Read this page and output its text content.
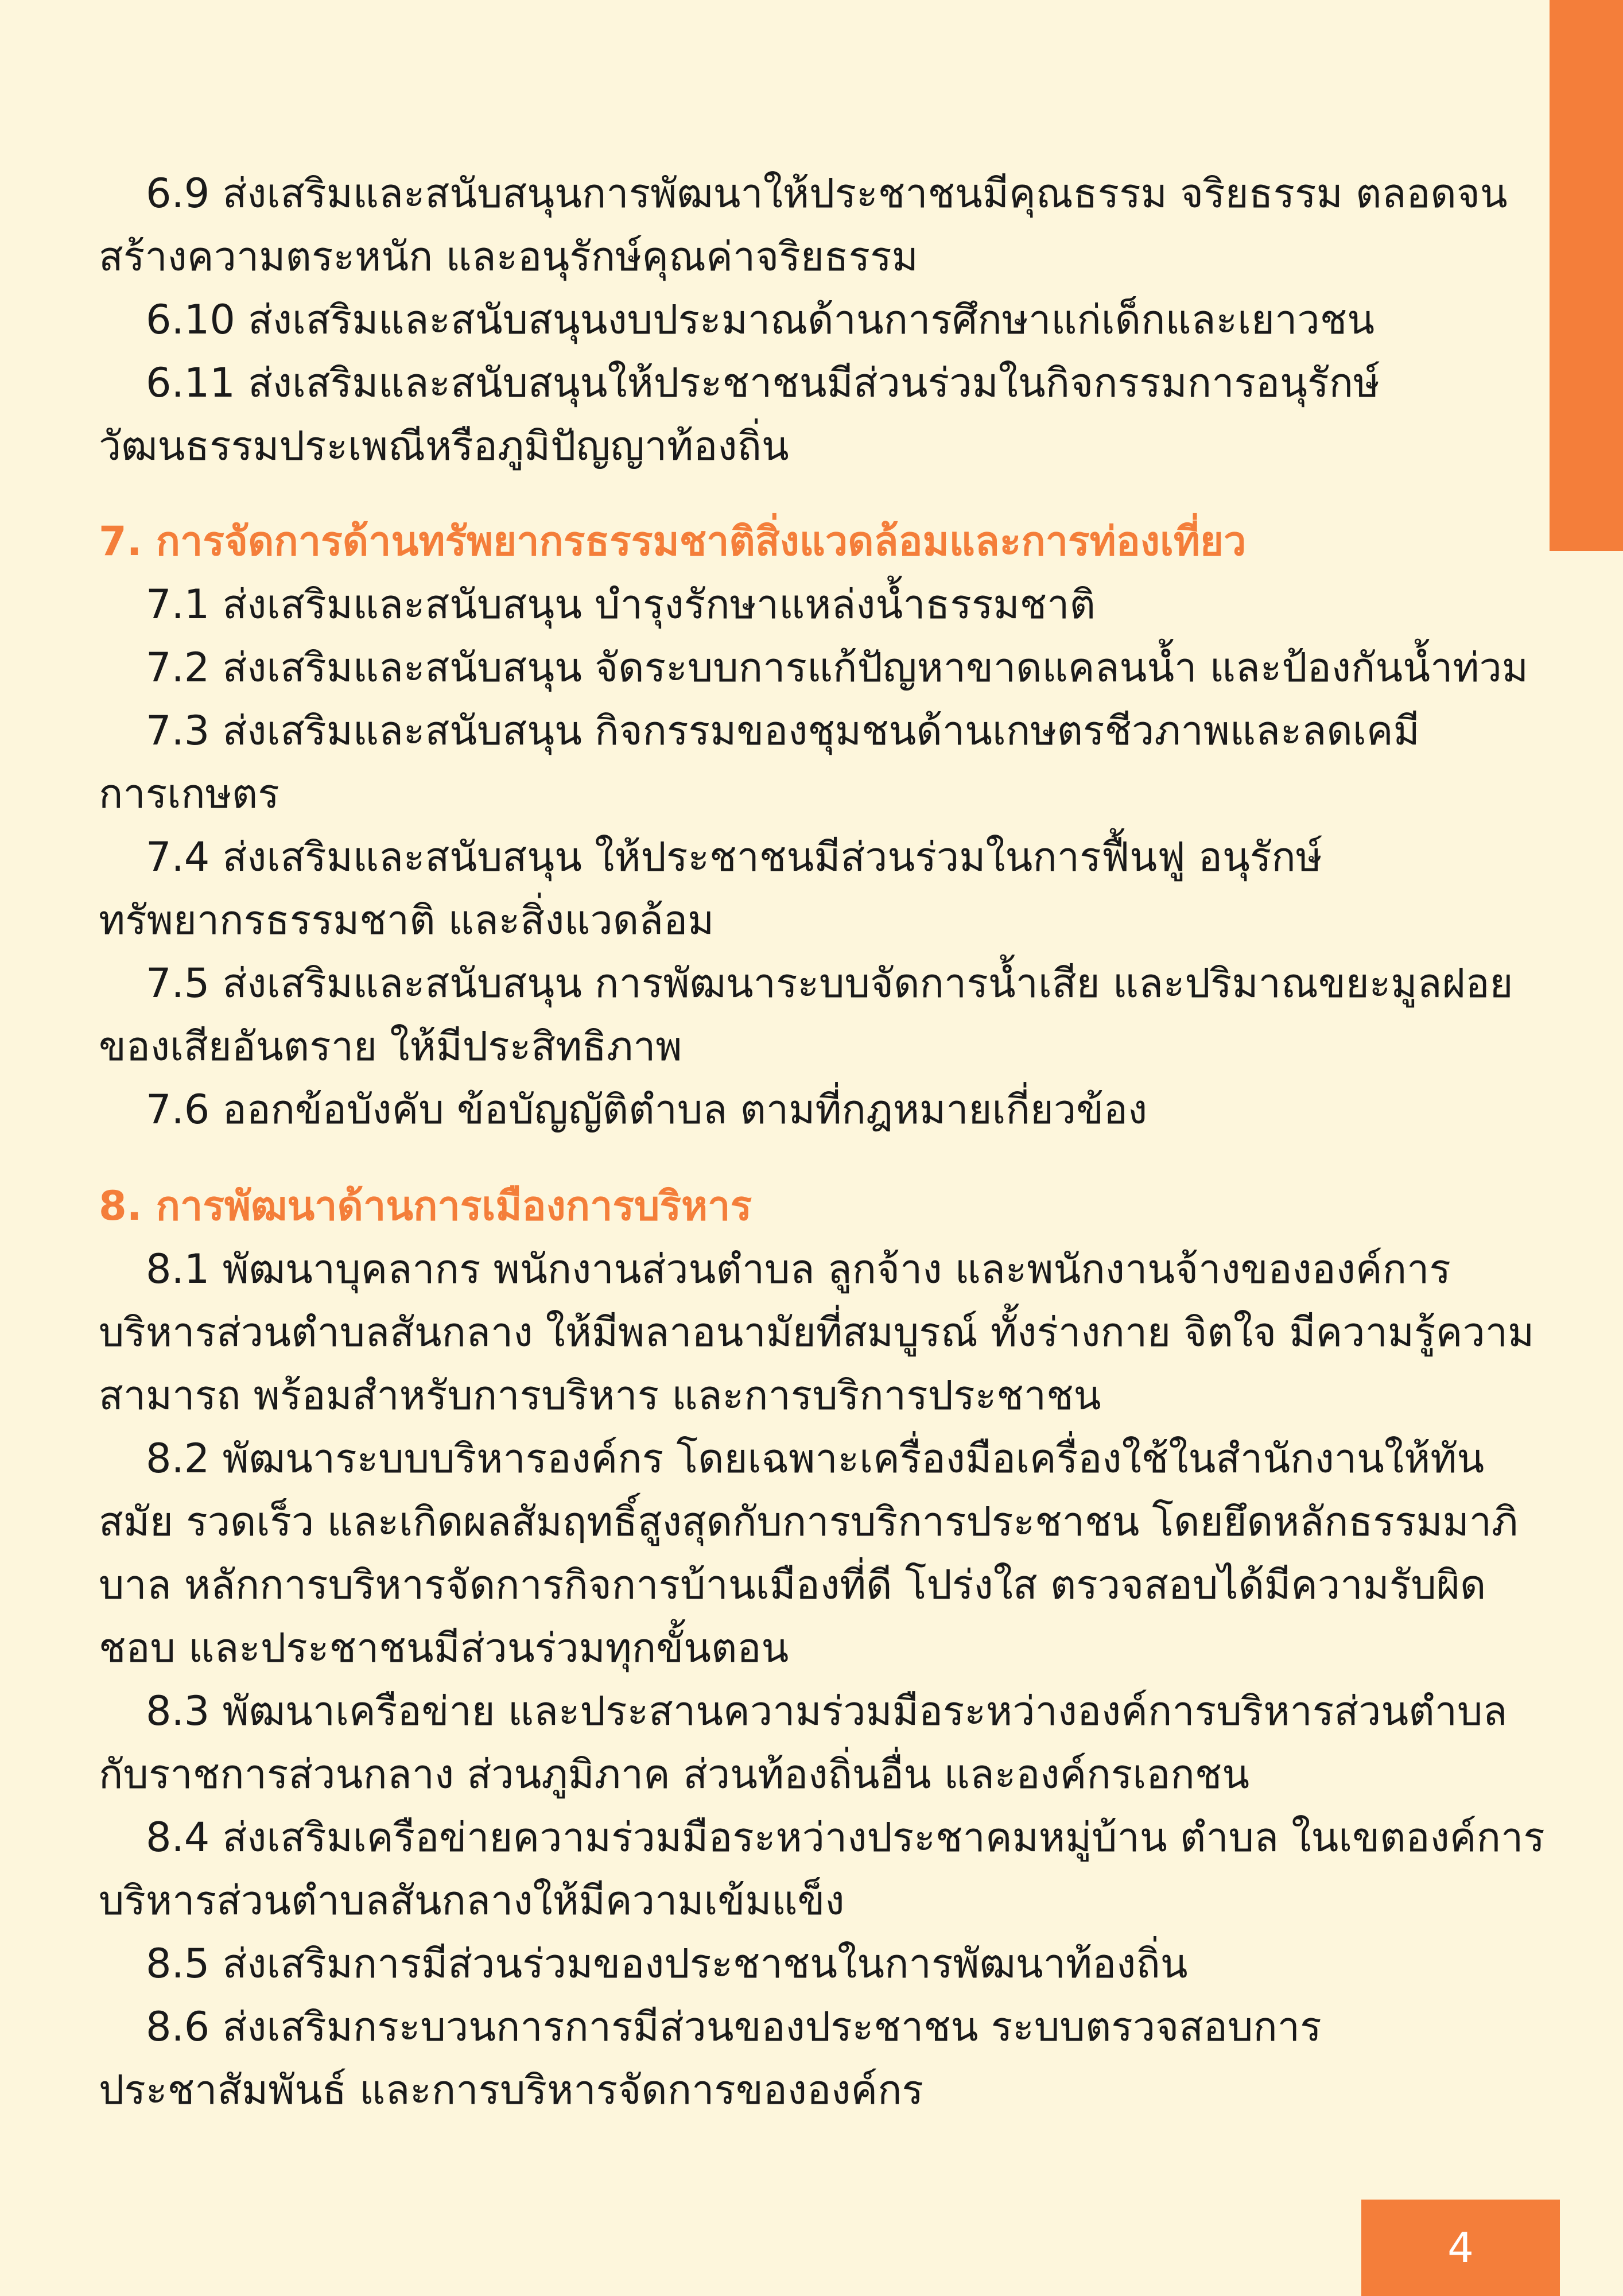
6.9 ส่งเสริมและสนับสนุนการพัฒนาให้ประชาชนมีคุณธรรม จริยธรรม ตลอดจนสร้างความตระหนัก และอนุรักษ์คุณค่าจริยธรรม

6.10 ส่งเสริมและสนับสนุนงบประมาณด้านการศึกษาแก่เด็กและเยาวชน

6.11 ส่งเสริมและสนับสนุนให้ประชาชนมีส่วนร่วมในกิจกรรมการอนุรักษ์วัฒนธรรมประเพณีหรือภูมิปัญญาท้องถิ่น

7. การจัดการด้านทรัพยากรธรรมชาติสิ่งแวดล้อมและการท่องเที่ยว

7.1 ส่งเสริมและสนับสนุน บำรุงรักษาแหล่งน้ำธรรมชาติ

7.2 ส่งเสริมและสนับสนุน จัดระบบการแก้ปัญหาขาดแคลนน้ำ และป้องกันน้ำท่วม

7.3 ส่งเสริมและสนับสนุน กิจกรรมของชุมชนด้านเกษตรชีวภาพและลดเคมีการเกษตร

7.4 ส่งเสริมและสนับสนุน ให้ประชาชนมีส่วนร่วมในการฟื้นฟู อนุรักษ์ทรัพยากรธรรมชาติ และสิ่งแวดล้อม

7.5 ส่งเสริมและสนับสนุน การพัฒนาระบบจัดการน้ำเสีย และปริมาณขยะมูลฝอย ของเสียอันตราย ให้มีประสิทธิภาพ

7.6 ออกข้อบังคับ ข้อบัญญัติตำบล ตามที่กฎหมายเกี่ยวข้อง

8. การพัฒนาด้านการเมืองการบริหาร

8.1 พัฒนาบุคลากร พนักงานส่วนตำบล ลูกจ้าง และพนักงานจ้างขององค์การบริหารส่วนตำบลสันกลาง ให้มีพลาอนามัยที่สมบูรณ์ ทั้งร่างกาย จิตใจ มีความรู้ความสามารถ พร้อมสำหรับการบริหาร และการบริการประชาชน

8.2 พัฒนาระบบบริหารองค์กร โดยเฉพาะเครื่องมือเครื่องใช้ในสำนักงานให้ทันสมัย รวดเร็ว และเกิดผลสัมฤทธิ์สูงสุดกับการบริการประชาชน โดยยึดหลักธรรมมาภิบาล หลักการบริหารจัดการกิจการบ้านเมืองที่ดี โปร่งใส ตรวจสอบได้มีความรับผิดชอบ และประชาชนมีส่วนร่วมทุกขั้นตอน

8.3 พัฒนาเครือข่าย และประสานความร่วมมือระหว่างองค์การบริหารส่วนตำบล กับราชการส่วนกลาง ส่วนภูมิภาค ส่วนท้องถิ่นอื่น และองค์กรเอกชน

8.4 ส่งเสริมเครือข่ายความร่วมมือระหว่างประชาคมหมู่บ้าน ตำบล ในเขตองค์การบริหารส่วนตำบลสันกลางให้มีความเข้มแข็ง

8.5 ส่งเสริมการมีส่วนร่วมของประชาชนในการพัฒนาท้องถิ่น

8.6 ส่งเสริมกระบวนการการมีส่วนของประชาชน ระบบตรวจสอบการประชาสัมพันธ์ และการบริหารจัดการขององค์กร

4
